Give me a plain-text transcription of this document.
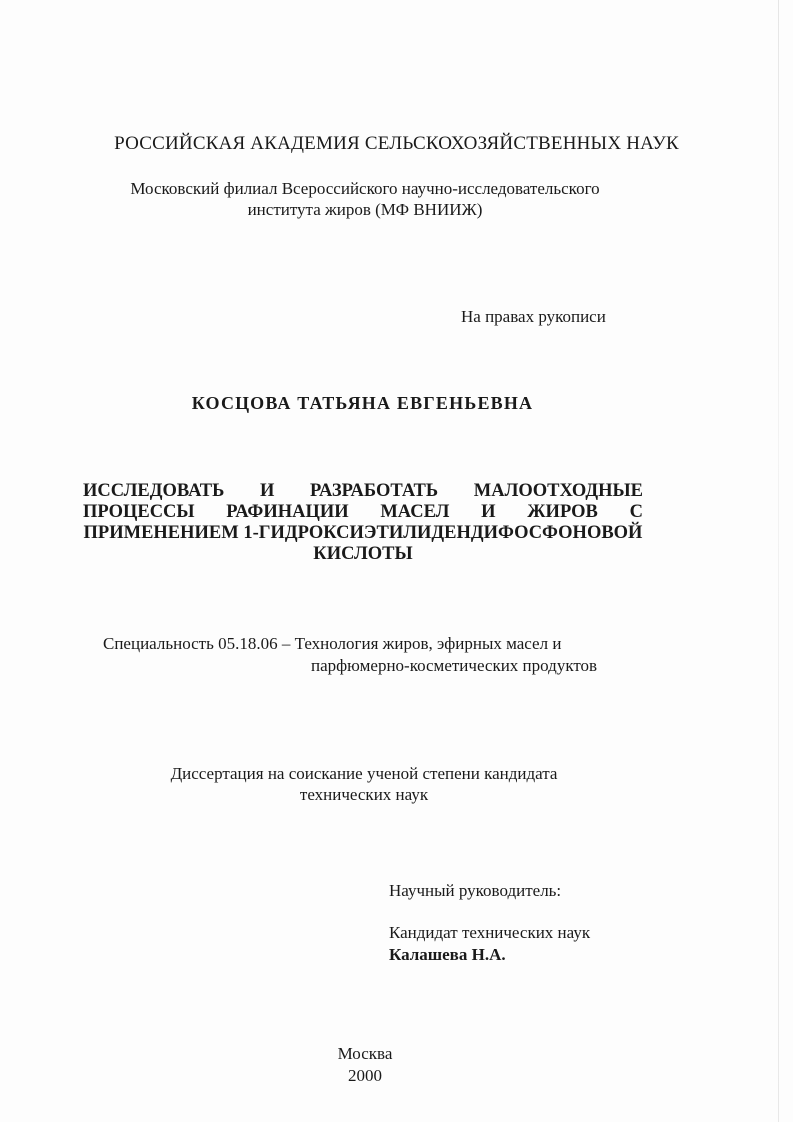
РОССИЙСКАЯ АКАДЕМИЯ СЕЛЬСКОХОЗЯЙСТВЕННЫХ НАУК
Московский филиал Всероссийского научно-исследовательского
института жиров (МФ ВНИИЖ)
На правах рукописи
КОСЦОВА ТАТЬЯНА ЕВГЕНЬЕВНА
ИССЛЕДОВАТЬ И РАЗРАБОТАТЬ МАЛООТХОДНЫЕ
ПРОЦЕССЫ РАФИНАЦИИ МАСЕЛ И ЖИРОВ С
ПРИМЕНЕНИЕМ 1-ГИДРОКСИЭТИЛИДЕНДИФОСФОНОВОЙ
КИСЛОТЫ
Специальность 05.18.06 – Технология жиров, эфирных масел и
парфюмерно-косметических продуктов
Диссертация на соискание ученой степени кандидата
технических наук
Научный руководитель:
Кандидат технических наук
Калашева Н.А.
Москва
2000
